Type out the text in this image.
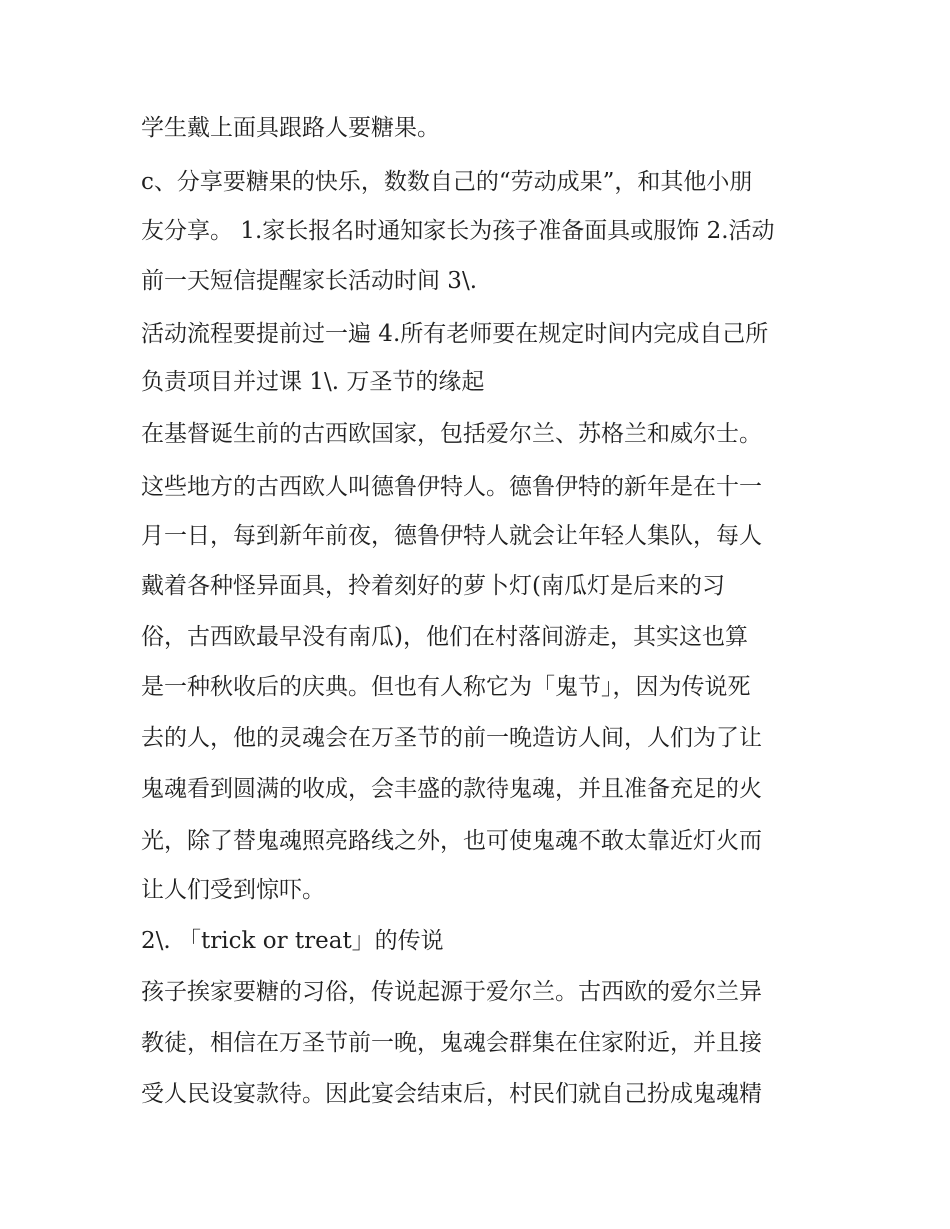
学生戴上面具跟路人要糖果。

c、分享要糖果的快乐，数数自己的“劳动成果”，和其他小朋

友分享。 1.家长报名时通知家长为孩子准备面具或服饰 2.活动

前一天短信提醒家长活动时间 3\.

活动流程要提前过一遍 4.所有老师要在规定时间内完成自己所

负责项目并过课 1\. 万圣节的缘起

在基督诞生前的古西欧国家，包括爱尔兰、苏格兰和威尔士。

这些地方的古西欧人叫德鲁伊特人。德鲁伊特的新年是在十一

月一日，每到新年前夜，德鲁伊特人就会让年轻人集队，每人

戴着各种怪异面具，拎着刻好的萝卜灯(南瓜灯是后来的习

俗，古西欧最早没有南瓜)，他们在村落间游走，其实这也算

是一种秋收后的庆典。但也有人称它为「鬼节」，因为传说死

去的人，他的灵魂会在万圣节的前一晚造访人间，人们为了让

鬼魂看到圆满的收成，会丰盛的款待鬼魂，并且准备充足的火

光，除了替鬼魂照亮路线之外，也可使鬼魂不敢太靠近灯火而

让人们受到惊吓。

2\. 「trick or treat」的传说

孩子挨家要糖的习俗，传说起源于爱尔兰。古西欧的爱尔兰异

教徒，相信在万圣节前一晚，鬼魂会群集在住家附近，并且接

受人民设宴款待。因此宴会结束后，村民们就自己扮成鬼魂精
